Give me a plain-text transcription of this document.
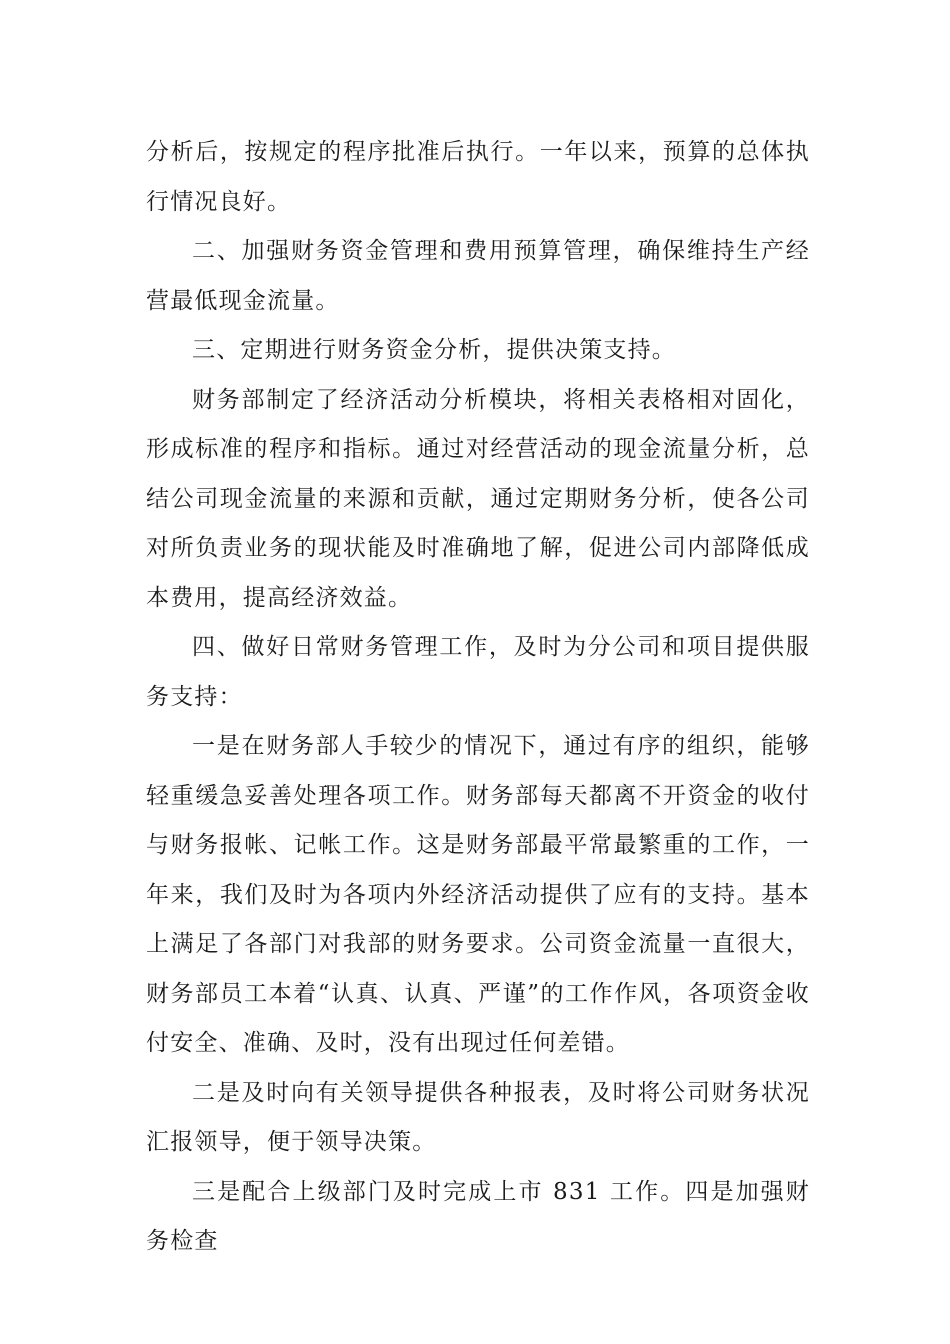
分析后，按规定的程序批准后执行。一年以来，预算的总体执行情况良好。

二、加强财务资金管理和费用预算管理，确保维持生产经营最低现金流量。

三、定期进行财务资金分析，提供决策支持。

财务部制定了经济活动分析模块，将相关表格相对固化，形成标准的程序和指标。通过对经营活动的现金流量分析，总结公司现金流量的来源和贡献，通过定期财务分析，使各公司对所负责业务的现状能及时准确地了解，促进公司内部降低成本费用，提高经济效益。

四、做好日常财务管理工作，及时为分公司和项目提供服务支持：

一是在财务部人手较少的情况下，通过有序的组织，能够轻重缓急妥善处理各项工作。财务部每天都离不开资金的收付与财务报帐、记帐工作。这是财务部最平常最繁重的工作，一年来，我们及时为各项内外经济活动提供了应有的支持。基本上满足了各部门对我部的财务要求。公司资金流量一直很大，财务部员工本着“认真、认真、严谨”的工作作风，各项资金收付安全、准确、及时，没有出现过任何差错。

二是及时向有关领导提供各种报表，及时将公司财务状况汇报领导，便于领导决策。

三是配合上级部门及时完成上市 831 工作。四是加强财务检查
